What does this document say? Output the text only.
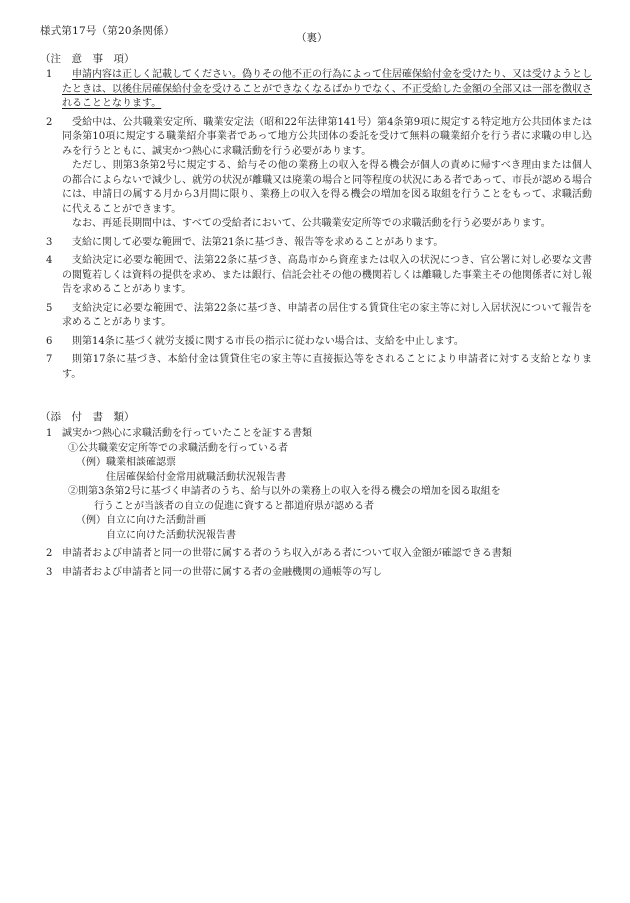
様式第17号（第20条関係）
（裏）
（注　意　事　項）
1	申請内容は正しく記載してください。偽りその他不正の行為によって住居確保給付金を受けたり、又は受けようとしたときは、以後住居確保給付金を受けることができなくなるばかりでなく、不正受給した金額の全部又は一部を徴収されることとなります。

2	受給中は、公共職業安定所、職業安定法（昭和22年法律第141号）第4条第9項に規定する特定地方公共団体または同条第10項に規定する職業紹介事業者であって地方公共団体の委託を受けて無料の職業紹介を行う者に求職の申し込みを行うとともに、誠実かつ熱心に求職活動を行う必要があります。

ただし、則第3条第2号に規定する、給与その他の業務上の収入を得る機会が個人の責めに帰すべき理由または個人の都合によらないで減少し、就労の状況が離職又は廃業の場合と同等程度の状況にある者であって、市長が認める場合には、申請日の属する月から3月間に限り、業務上の収入を得る機会の増加を図る取組を行うことをもって、求職活動に代えることができます。

なお、再延長期間中は、すべての受給者において、公共職業安定所等での求職活動を行う必要があります。

3	支給に関して必要な範囲で、法第21条に基づき、報告等を求めることがあります。

4	支給決定に必要な範囲で、法第22条に基づき、高島市から資産または収入の状況につき、官公署に対し必要な文書の閲覧若しくは資料の提供を求め、または銀行、信託会社その他の機関若しくは離職した事業主その他関係者に対し報告を求めることがあります。

5	支給決定に必要な範囲で、法第22条に基づき、申請者の居住する賃貸住宅の家主等に対し入居状況について報告を求めることがあります。

6	則第14条に基づく就労支援に関する市長の指示に従わない場合は、支給を中止します。

7	則第17条に基づき、本給付金は賃貸住宅の家主等に直接振込等をされることにより申請者に対する支給となります。

（添　付　書　類）
1 誠実かつ熱心に求職活動を行っていたことを証する書類

①公共職業安定所等での求職活動を行っている者
（例）職業相談確認票
住居確保給付金常用就職活動状況報告書
②則第3条第2号に基づく申請者のうち、給与以外の業務上の収入を得る機会の増加を図る取組を
行うことが当該者の自立の促進に資すると都道府県が認める者
（例）自立に向けた活動計画
自立に向けた活動状況報告書
2 申請者および申請者と同一の世帯に属する者のうち収入がある者について収入金額が確認できる書類

3 申請者および申請者と同一の世帯に属する者の金融機関の通帳等の写し
